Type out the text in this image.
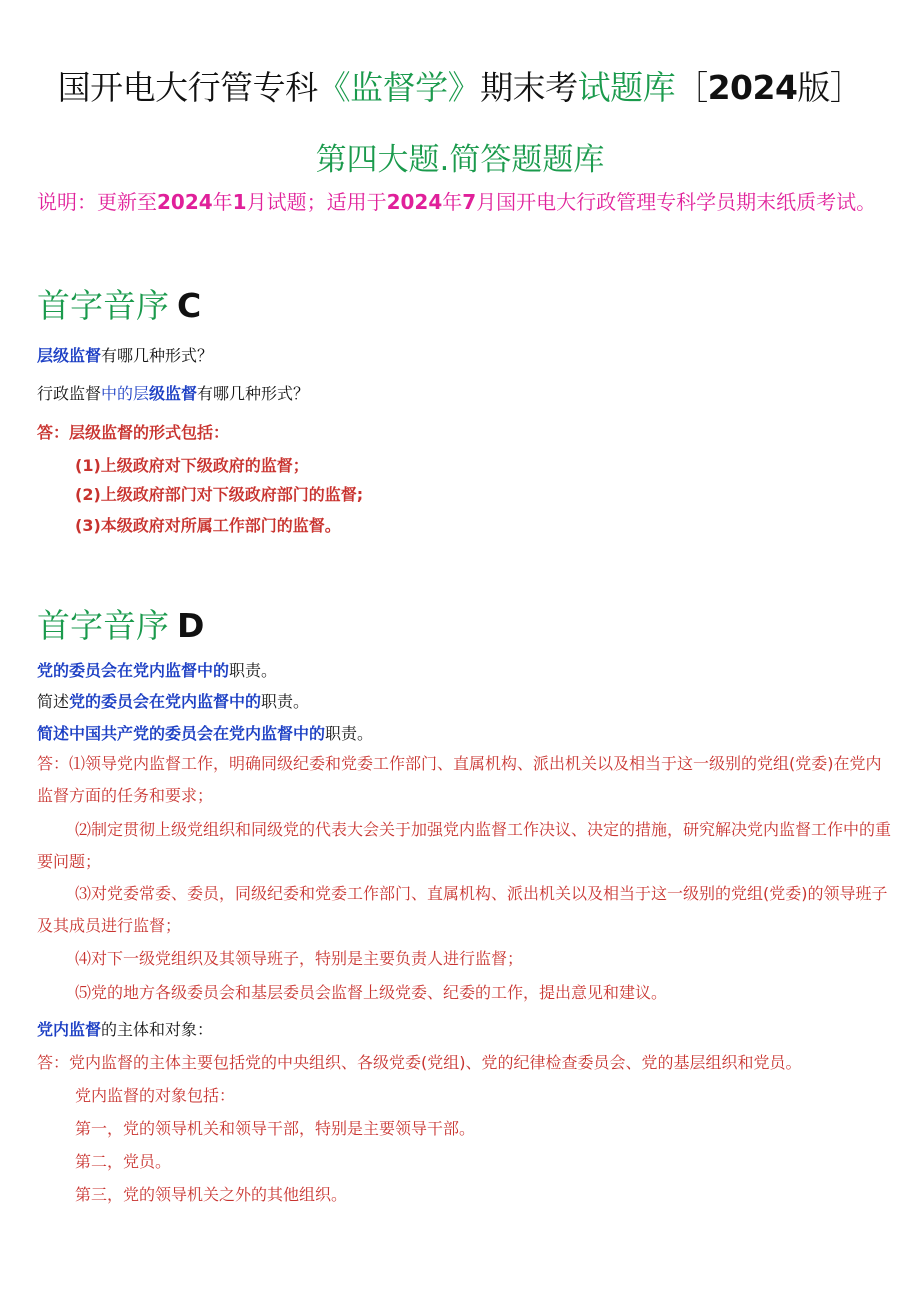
国开电大行管专科《监督学》期末考试题库［2024版］
第四大题.简答题题库
说明：更新至2024年1月试题；适用于2024年7月国开电大行政管理专科学员期末纸质考试。
首字音序 C
层级监督有哪几种形式？
行政监督中的层级监督有哪几种形式？
答：层级监督的形式包括：
(1)上级政府对下级政府的监督；
(2)上级政府部门对下级政府部门的监督;
(3)本级政府对所属工作部门的监督。
首字音序 D
党的委员会在党内监督中的职责。
简述党的委员会在党内监督中的职责。
简述中国共产党的委员会在党内监督中的职责。
答：⑴领导党内监督工作，明确同级纪委和党委工作部门、直属机构、派出机关以及相当于这一级别的党组(党委)在党内监督方面的任务和要求；
⑵制定贯彻上级党组织和同级党的代表大会关于加强党内监督工作决议、决定的措施，研究解决党内监督工作中的重要问题；
⑶对党委常委、委员，同级纪委和党委工作部门、直属机构、派出机关以及相当于这一级别的党组(党委)的领导班子及其成员进行监督；
⑷对下一级党组织及其领导班子，特别是主要负责人进行监督；
⑸党的地方各级委员会和基层委员会监督上级党委、纪委的工作，提出意见和建议。
党内监督的主体和对象：
答：党内监督的主体主要包括党的中央组织、各级党委(党组)、党的纪律检查委员会、党的基层组织和党员。
党内监督的对象包括：
第一，党的领导机关和领导干部，特别是主要领导干部。
第二，党员。
第三，党的领导机关之外的其他组织。
